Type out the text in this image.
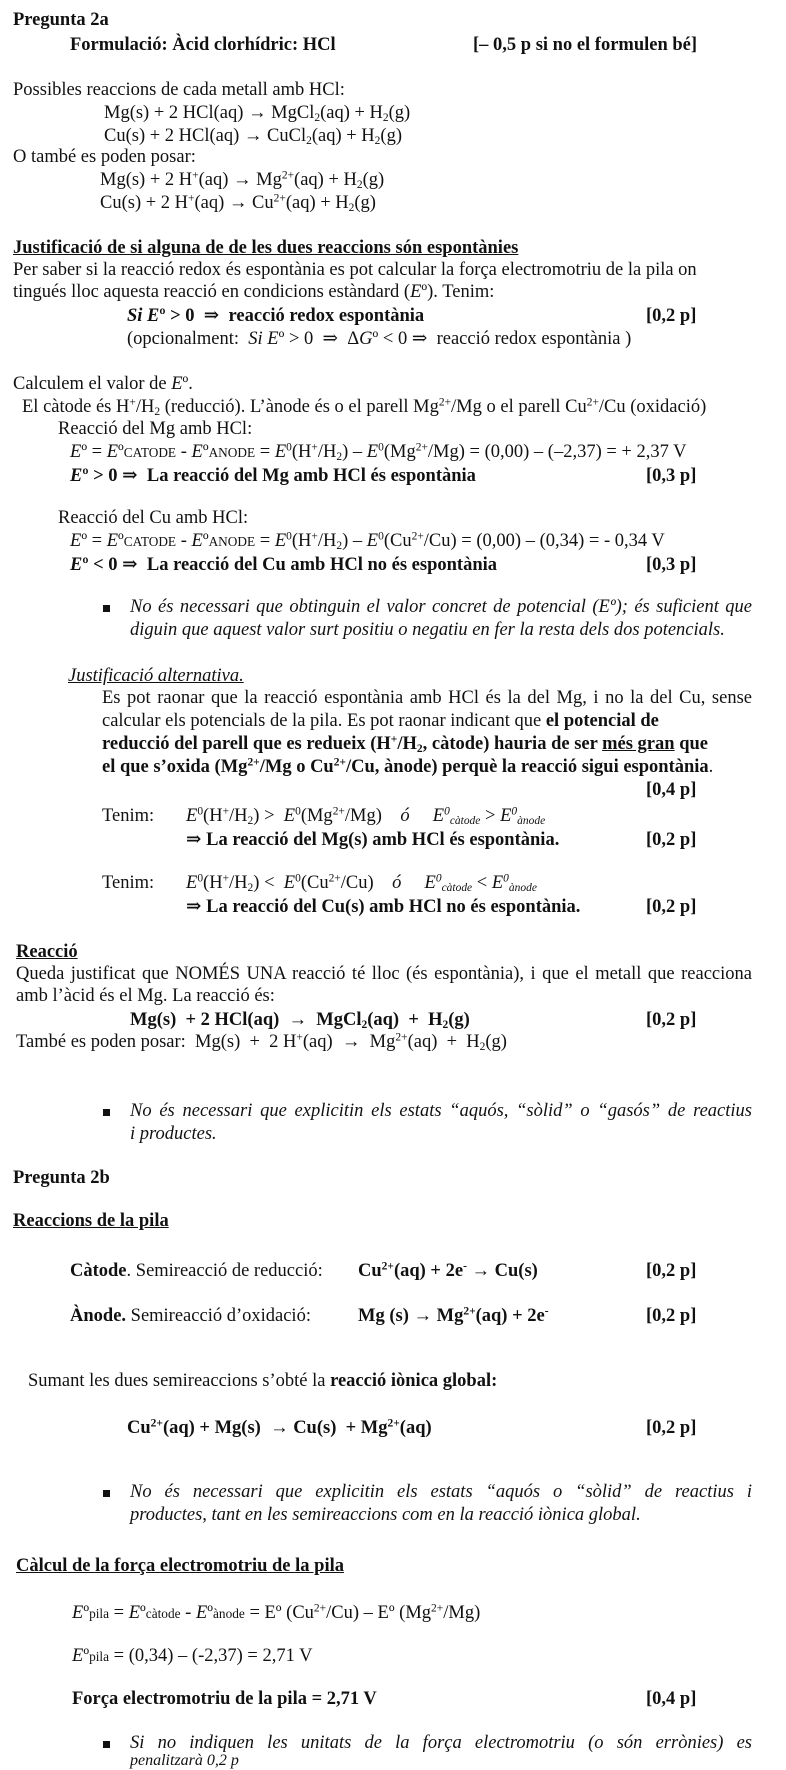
Pregunta 2a
Formulació: Àcid clorhídric: HCl	[– 0,5 p si no el formulen bé]
Possibles reaccions de cada metall amb HCl:
Mg(s) + 2 HCl(aq) → MgCl$_2$(aq) + $H_2(g)$
Cu(s) + 2 HCl(aq) → CuCl$_2$(aq) + $H_2(g)$
O també es poden posar:
Mg(s) + 2 $H^+(aq) \to Mg^{2+}(aq) + H_2(g)$
Cu(s) + 2 $H^+(aq) \to Cu^{2+}(aq) + H_2(g)$
Justificació de si alguna de de les dues reaccions són espontànies
Per saber si la reacció redox és espontània es pot calcular la força electromotriu de la pila on
tingués lloc aquesta reacció en condicions estàndard (Eº). Tenim:
Si Eº > 0  ⇒  reacció redox espontània	[0,2 p]
(opcionalment:  Si Eº > 0  ⇒  ΔGº < 0 ⇒  reacció redox espontània )
Calculem el valor de Eº.
El càtode és $H^+/H_2$ (reducció). L’ànode és o el parell $Mg^{2+}/Mg$ o el parell $Cu^{2+}/Cu$ (oxidació)
Reacció del Mg amb HCl:
Eº = EºCATODE - EºANODE = $E^0(H^+/H_2) - E^0(Mg^{2+}/Mg) = (0,00) - (-2,37)$ = + 2,37 V
Eº > 0 ⇒  La reacció del Mg amb HCl és espontània	[0,3 p]
Reacció del Cu amb HCl:
Eº = EºCATODE - EºANODE = $E^0(H^+/H_2) - E^0(Cu^{2+}/Cu) = (0,00) - (0,34)$ = - 0,34 V
Eº < 0 ⇒  La reacció del Cu amb HCl no és espontània	[0,3 p]
No és necessari que obtinguin el valor concret de potencial (Eº); és suficient que
diguin que aquest valor surt positiu o negatiu en fer la resta dels dos potencials.
Justificació alternativa.
Es pot raonar que la reacció espontània amb HCl és la del Mg, i no la del Cu, sense
calcular els potencials de la pila. Es pot raonar indicant que el potencial de
reducció del parell que es redueix ($H^+/H_2$, càtode) hauria de ser més gran que
el que s’oxida ($Mg^{2+}/Mg$ o $Cu^{2+}/Cu$, ànode) perquè la reacció sigui espontània.
[0,4 p]
Tenim: $E^0(H^+/H_2) > E^0(Mg^{2+}/Mg)$    ó $E^0_{càtode} > E^0_{ànode}$
⇒ La reacció del Mg(s) amb HCl és espontània.	[0,2 p]
Tenim: $E^0(H^+/H_2) < E^0(Cu^{2+}/Cu)$    ó $E^0_{càtode} < E^0_{ànode}$
⇒ La reacció del Cu(s) amb HCl no és espontània.	[0,2 p]
Reacció
Queda justificat que NOMÉS UNA reacció té lloc (és espontània), i que el metall que reacciona
amb l’àcid és el Mg. La reacció és:
Mg(s)  + 2 HCl(aq)  →  MgCl$_2$(aq)  +  $H_2(g)$	[0,2 p]
També es poden posar:  Mg(s)  +  2 $H^+(aq) \to Mg^{2+}(aq) + H_2(g)$
No és necessari que explicitin els estats “aquós, “sòlid” o “gasós” de reactius
i productes.
Pregunta 2b
Reaccions de la pila
Càtode. Semireacció de reducció: $Cu^{2+}(aq) + 2e^- \to Cu(s)$	[0,2 p]
Ànode. Semireacció d’oxidació:	Mg $(s) \to Mg^{2+}(aq) + 2e^-$	[0,2 p]
Sumant les dues semireaccions s’obté la reacció iònica global:
$Cu^{2+}(aq) + Mg(s) \to Cu(s) + Mg^{2+}(aq)$	[0,2 p]
No és necessari que explicitin els estats “aquós o “sòlid” de reactius i
productes, tant en les semireaccions com en la reacció iònica global.
Càlcul de la força electromotriu de la pila
Eºpila = Eºcàtode - Eºànode = Eº $(Cu^{2+}/Cu)$ – Eº $(Mg^{2+}/Mg)$
Eºpila = (0,34) – (-2,37) = 2,71 V
Força electromotriu de la pila = 2,71 V	[0,4 p]
Si no indiquen les unitats de la força electromotriu (o són errònies) es
penalitzarà 0,2 p
